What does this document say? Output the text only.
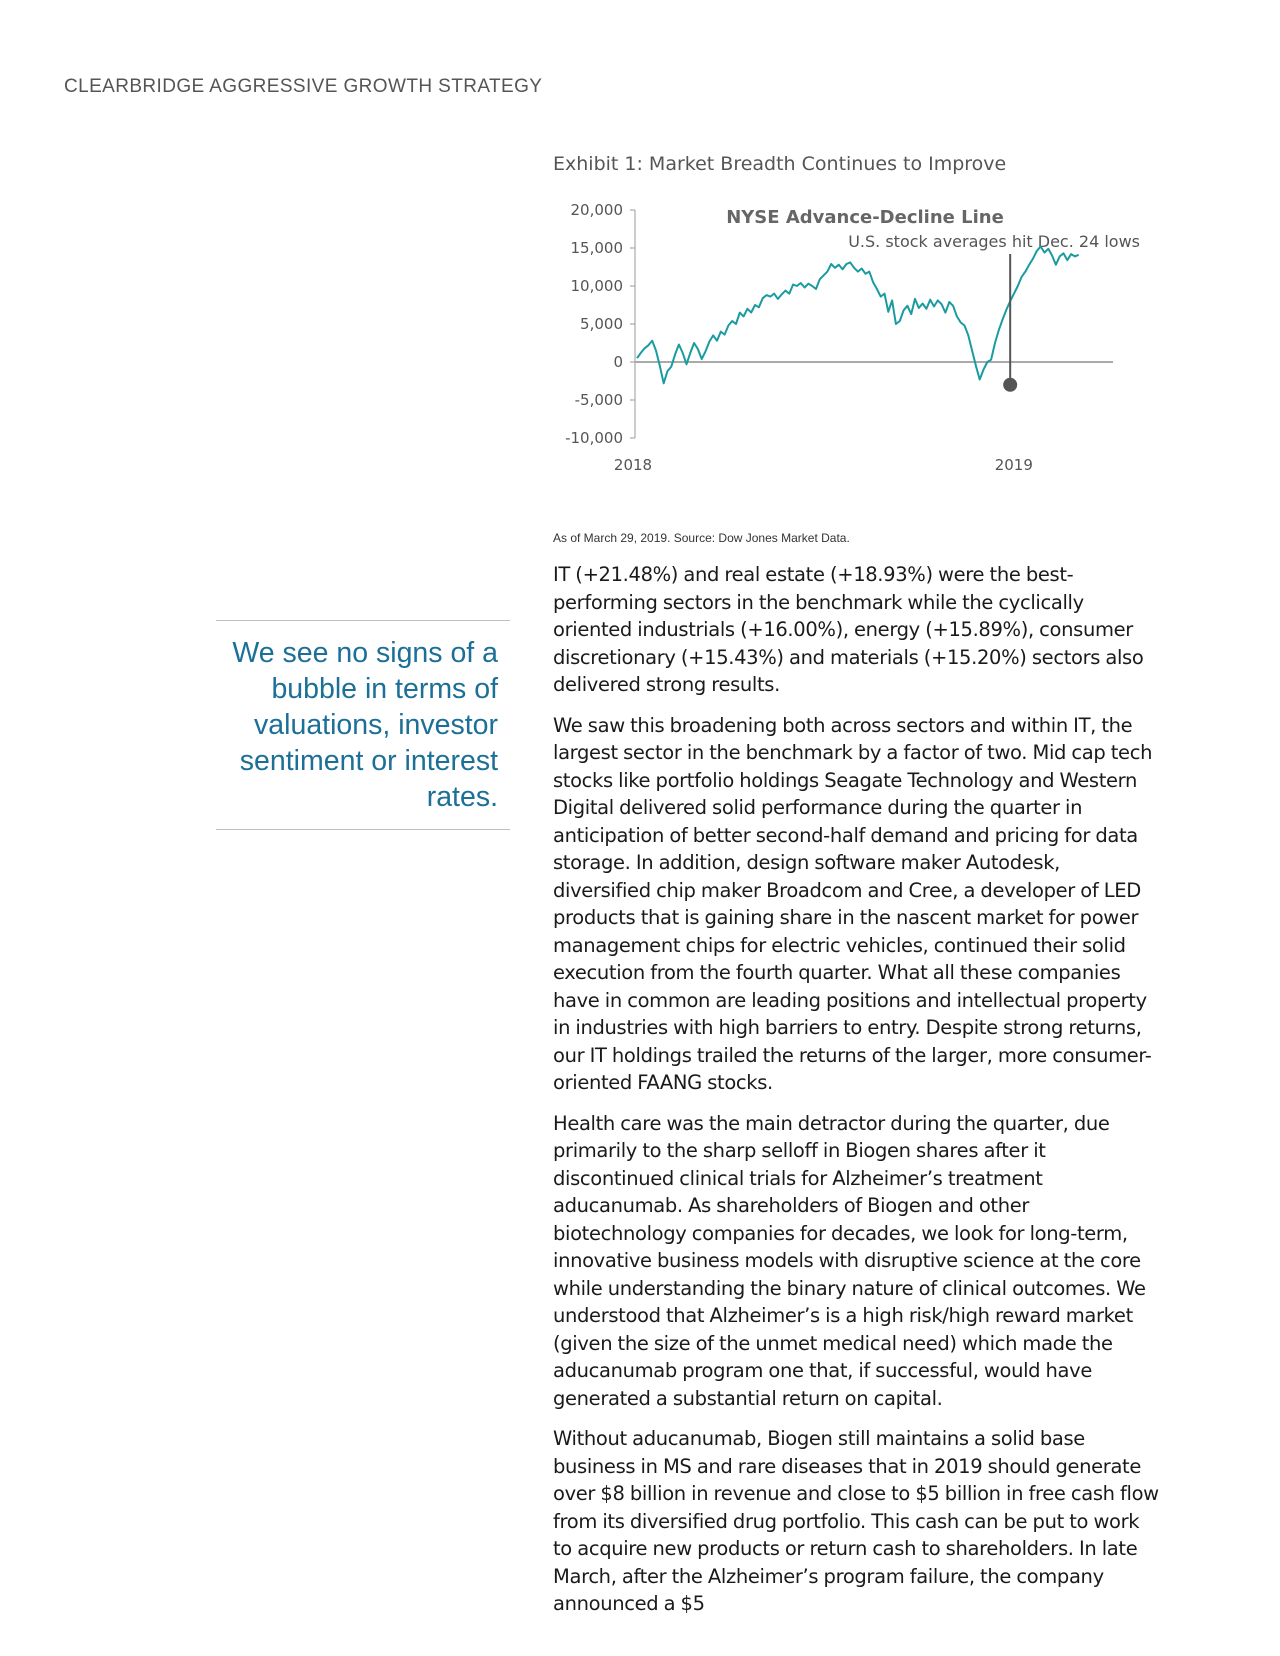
CLEARBRIDGE AGGRESSIVE GROWTH STRATEGY
Exhibit 1: Market Breadth Continues to Improve
NYSE Advance-Decline Line
U.S. stock averages hit Dec. 24 lows
20,000
15,000
10,000
5,000
0
-5,000
-10,000
2018	2019
As of March 29, 2019. Source: Dow Jones Market Data.

We see no signs of a bubble in terms of valuations, investor sentiment or interest rates.

IT (+21.48%) and real estate (+18.93%) were the best-performing sectors in the benchmark while the cyclically oriented industrials (+16.00%), energy (+15.89%), consumer discretionary (+15.43%) and materials (+15.20%) sectors also delivered strong results.

We saw this broadening both across sectors and within IT, the largest sector in the benchmark by a factor of two. Mid cap tech stocks like portfolio holdings Seagate Technology and Western Digital delivered solid performance during the quarter in anticipation of better second-half demand and pricing for data storage. In addition, design software maker Autodesk, diversified chip maker Broadcom and Cree, a developer of LED products that is gaining share in the nascent market for power management chips for electric vehicles, continued their solid execution from the fourth quarter. What all these companies have in common are leading positions and intellectual property in industries with high barriers to entry. Despite strong returns, our IT holdings trailed the returns of the larger, more consumer-oriented FAANG stocks.

Health care was the main detractor during the quarter, due primarily to the sharp selloff in Biogen shares after it discontinued clinical trials for Alzheimer’s treatment aducanumab. As shareholders of Biogen and other biotechnology companies for decades, we look for long-term, innovative business models with disruptive science at the core while understanding the binary nature of clinical outcomes. We understood that Alzheimer’s is a high risk/high reward market (given the size of the unmet medical need) which made the aducanumab program one that, if successful, would have generated a substantial return on capital.

Without aducanumab, Biogen still maintains a solid base business in MS and rare diseases that in 2019 should generate over $8 billion in revenue and close to $5 billion in free cash flow from its diversified drug portfolio. This cash can be put to work to acquire new products or return cash to shareholders. In late March, after the Alzheimer’s program failure, the company announced a $5
